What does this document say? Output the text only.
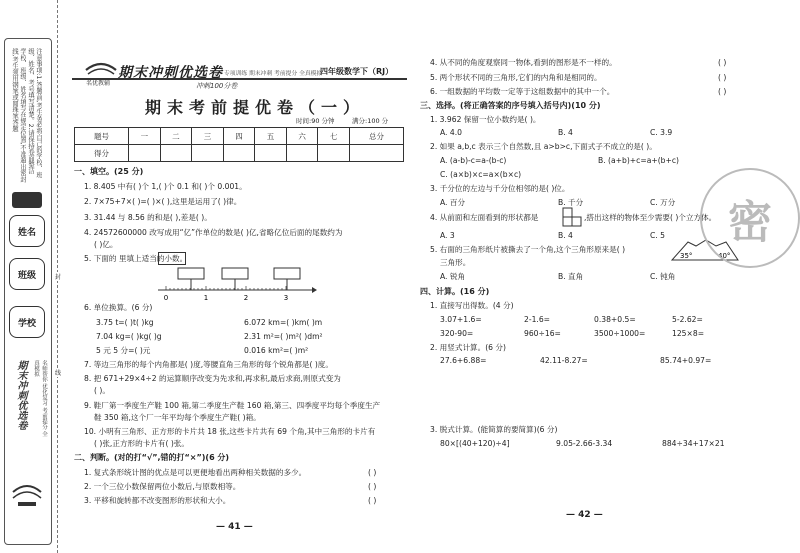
学校、班级、姓名填写在规定位置,不准超出密封线,考生须用钢笔或圆珠笔答题	注意事项:1.答题前,考生务必将自己的学校、班级、姓名、考号填写清楚。2.请保持卷面整洁
姓名
班级
学校
期末冲刺优选卷	名师帮你 优化复习 考前提分 全真模拟
封
线
名优教辅
期末冲刺优选卷 专项训练 期末冲刺 考前提分 全真模拟
四年级数学下（RJ）
冲刺100分卷
期末考前提优卷（一）
时间:90 分钟	满分:100 分
题号	一	二	三	四	五	六	七	总分
得分								
一、填空。(25 分)
1. 8.405 中有( )个 1,( )个 0.1 和( )个 0.001。
2. 7×75+7×( )=( )×( ),这里是运用了( )律。
3. 31.44 与 8.56 的和是( ),差是( )。
4. 24572600000 改写成用“亿”作单位的数是( )亿,省略亿位后面的尾数约为
( )亿。
5. 下面的 里填上适当的小数。
0	1	2	3
6. 单位换算。(6 分)
3.75 t=( )t( )kg	6.072 km=( )km( )m
7.04 kg=( )kg( )g	2.31 m²=( )m²( )dm²
5 元 5 分=( )元	0.016 km²=( )m²
7. 等边三角形的每个内角都是( )度,等腰直角三角形的每个锐角都是( )度。
8. 把 671+29×4÷2 的运算顺序改变为先求和,再求积,最后求商,则原式变为
( )。
9. 鞋厂第一季度生产鞋 100 箱,第二季度生产鞋 160 箱,第三、四季度平均每个季度生产
鞋 350 箱,这个厂一年平均每个季度生产鞋( )箱。
10. 小明有三角形、正方形的卡片共 18 张,这些卡片共有 69 个角,其中三角形的卡片有
( )张,正方形的卡片有( )张。
二、判断。(对的打“√”,错的打“×”)(6 分)
1. 复式条形统计图的优点是可以更便地看出两种相关数据的多少。	( )
2. 一个三位小数保留两位小数后,与原数相等。	( )
3. 平移和旋转都不改变图形的形状和大小。	( )
— 41 —
4. 从不同的角度观察同一物体,看到的图形是不一样的。	( )
5. 两个形状不同的三角形,它们的内角和是相同的。	( )
6. 一组数据的平均数一定等于这组数据中的其中一个。	( )
三、选择。(将正确答案的序号填入括号内)(10 分)
1. 3.962 保留一位小数约是( )。
A. 4.0	B. 4	C. 3.9
2. 如果 a,b,c 表示三个自然数,且 a>b>c,下面式子不成立的是( )。
A. (a-b)-c=a-(b-c)	B. (a+b)+c=a+(b+c)
C. (a×b)×c=a×(b×c)
3. 千分位的左边与千分位相邻的是( )位。
A. 百分	B. 千分	C. 万分
4. 从前面和左面看到的形状都是	,搭出这样的物体至少需要( )个立方体。
A. 3	B. 4	C. 5
5. 右面的三角形纸片被撕去了一个角,这个三角形原来是( )
三角形。
35°	40°
A. 锐角	B. 直角	C. 钝角
四、计算。(16 分)
1. 直接写出得数。(4 分)
3.07+1.6=	2-1.6=	0.38+0.5=	5-2.62=
320-90=	960÷16=	3500÷1000=	125×8=
2. 用竖式计算。(6 分)
27.6+6.88=	42.11-8.27=	85.74+0.97=
3. 脱式计算。(能简算的要简算)(6 分)
80×[(40+120)÷4]	9.05-2.66-3.34	884÷34+17×21
— 42 —
密
